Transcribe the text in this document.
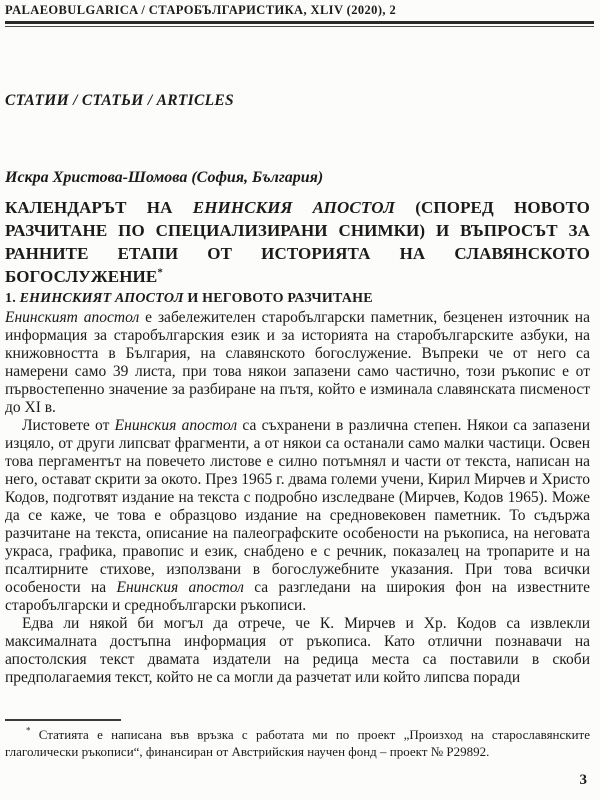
PALAEOBULGARICA / СТАРОБЪЛГАРИСТИКА, XLIV (2020), 2
СТАТИИ / СТАТЬИ / ARTICLES
Искра Христова-Шомова (София, България)
КАЛЕНДАРЪТ НА ЕНИНСКИЯ АПОСТОЛ (СПОРЕД НОВОТО РАЗЧИТАНЕ ПО СПЕЦИАЛИЗИРАНИ СНИМКИ) И ВЪПРОСЪТ ЗА РАННИТЕ ЕТАПИ ОТ ИСТОРИЯТА НА СЛАВЯНСКОТО БОГОСЛУЖЕНИЕ*
1. ЕНИНСКИЯТ АПОСТОЛ И НЕГОВОТО РАЗЧИТАНЕ

Енинският апостол е забележителен старобългарски паметник, безценен източник на информация за старобългарския език и за историята на старобългарските азбуки, на книжовността в България, на славянското богослужение. Въпреки че от него са намерени само 39 листа, при това някои запазени само частично, този ръкопис е от първостепенно значение за разбиране на пътя, който е изминала славянската писменост до XI в.

Листовете от Енинския апостол са съхранени в различна степен. Някои са запазени изцяло, от други липсват фрагменти, а от някои са останали само малки частици. Освен това пергаментът на повечето листове е силно потъмнял и части от текста, написан на него, остават скрити за окото. През 1965 г. двама големи учени, Кирил Мирчев и Христо Кодов, подготвят издание на текста с подробно изследване (Мирчев, Кодов 1965). Може да се каже, че това е образцово издание на средновековен паметник. То съдържа разчитане на текста, описание на палеографските особености на ръкописа, на неговата украса, графика, правопис и език, снабдено е с речник, показалец на тропарите и на псалтирните стихове, използвани в богослужебните указания. При това всички особености на Енинския апостол са разгледани на широкия фон на известните старобългарски и среднобългарски ръкописи.

Едва ли някой би могъл да отрече, че К. Мирчев и Хр. Кодов са извлекли максималната достъпна информация от ръкописа. Като отлични познавачи на апостолския текст двамата издатели на редица места са поставили в скоби предполагаемия текст, който не са могли да разчетат или който липсва поради

* Статията е написана във връзка с работата ми по проект „Произход на старославянските глаголически ръкописи“, финансиран от Австрийския научен фонд – проект № P29892.

3
